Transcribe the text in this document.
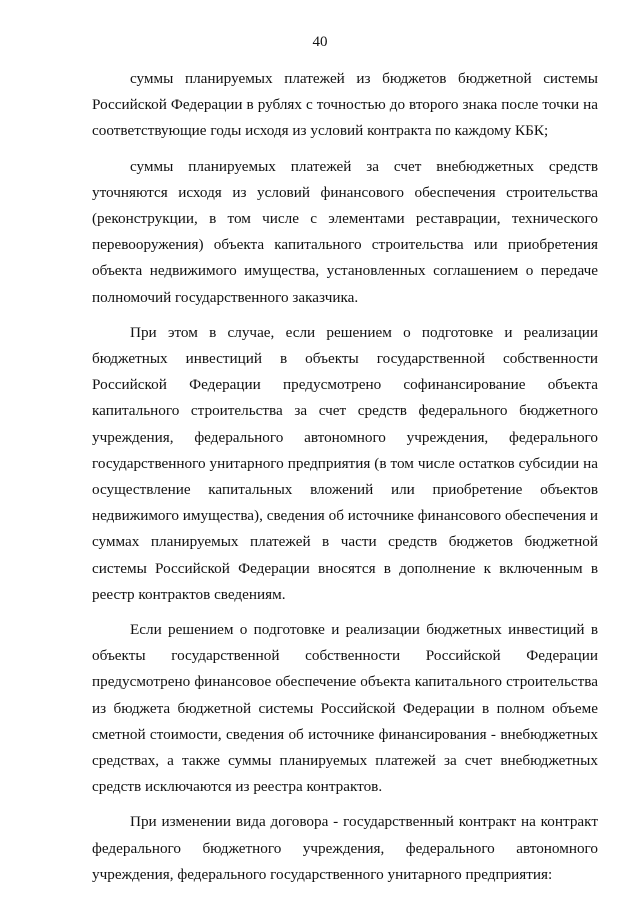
40

суммы планируемых платежей из бюджетов бюджетной системы Российской Федерации в рублях с точностью до второго знака после точки на соответствующие годы исходя из условий контракта по каждому КБК;

суммы планируемых платежей за счет внебюджетных средств уточняются исходя из условий финансового обеспечения строительства (реконструкции, в том числе с элементами реставрации, технического перевооружения) объекта капитального строительства или приобретения объекта недвижимого имущества, установленных соглашением о передаче полномочий государственного заказчика.

При этом в случае, если решением о подготовке и реализации бюджетных инвестиций в объекты государственной собственности Российской Федерации предусмотрено софинансирование объекта капитального строительства за счет средств федерального бюджетного учреждения, федерального автономного учреждения, федерального государственного унитарного предприятия (в том числе остатков субсидии на осуществление капитальных вложений или приобретение объектов недвижимого имущества), сведения об источнике финансового обеспечения и суммах планируемых платежей в части средств бюджетов бюджетной системы Российской Федерации вносятся в дополнение к включенным в реестр контрактов сведениям.

Если решением о подготовке и реализации бюджетных инвестиций в объекты государственной собственности Российской Федерации предусмотрено финансовое обеспечение объекта капитального строительства из бюджета бюджетной системы Российской Федерации в полном объеме сметной стоимости, сведения об источнике финансирования - внебюджетных средствах, а также суммы планируемых платежей за счет внебюджетных средств исключаются из реестра контрактов.

При изменении вида договора - государственный контракт на контракт федерального бюджетного учреждения, федерального автономного учреждения, федерального государственного унитарного предприятия:
